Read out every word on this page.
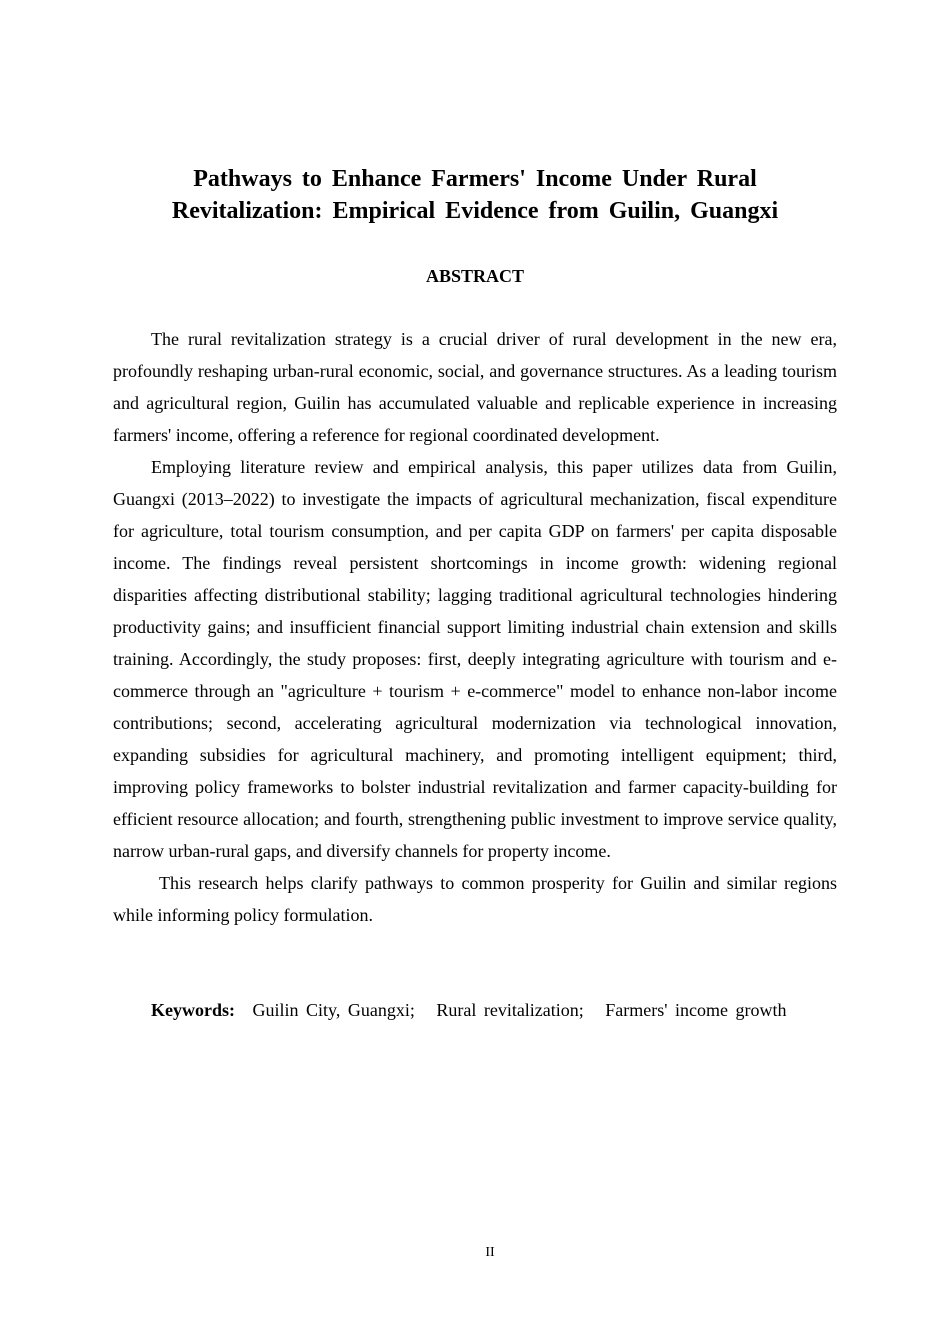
Pathways to Enhance Farmers' Income Under Rural
Revitalization: Empirical Evidence from Guilin, Guangxi
ABSTRACT

The rural revitalization strategy is a crucial driver of rural development in the new era, profoundly reshaping urban-rural economic, social, and governance structures. As a leading tourism and agricultural region, Guilin has accumulated valuable and replicable experience in increasing farmers' income, offering a reference for regional coordinated development.

Employing literature review and empirical analysis, this paper utilizes data from Guilin, Guangxi (2013–2022) to investigate the impacts of agricultural mechanization, fiscal expenditure for agriculture, total tourism consumption, and per capita GDP on farmers' per capita disposable income. The findings reveal persistent shortcomings in income growth: widening regional disparities affecting distributional stability; lagging traditional agricultural technologies hindering productivity gains; and insufficient financial support limiting industrial chain extension and skills training. Accordingly, the study proposes: first, deeply integrating agriculture with tourism and e-commerce through an "agriculture + tourism + e-commerce" model to enhance non-labor income contributions; second, accelerating agricultural modernization via technological innovation, expanding subsidies for agricultural machinery, and promoting intelligent equipment; third, improving policy frameworks to bolster industrial revitalization and farmer capacity-building for efficient resource allocation; and fourth, strengthening public investment to improve service quality, narrow urban-rural gaps, and diversify channels for property income.

This research helps clarify pathways to common prosperity for Guilin and similar regions while informing policy formulation.

Keywords: Guilin City, Guangxi; Rural revitalization; Farmers' income growth
II
